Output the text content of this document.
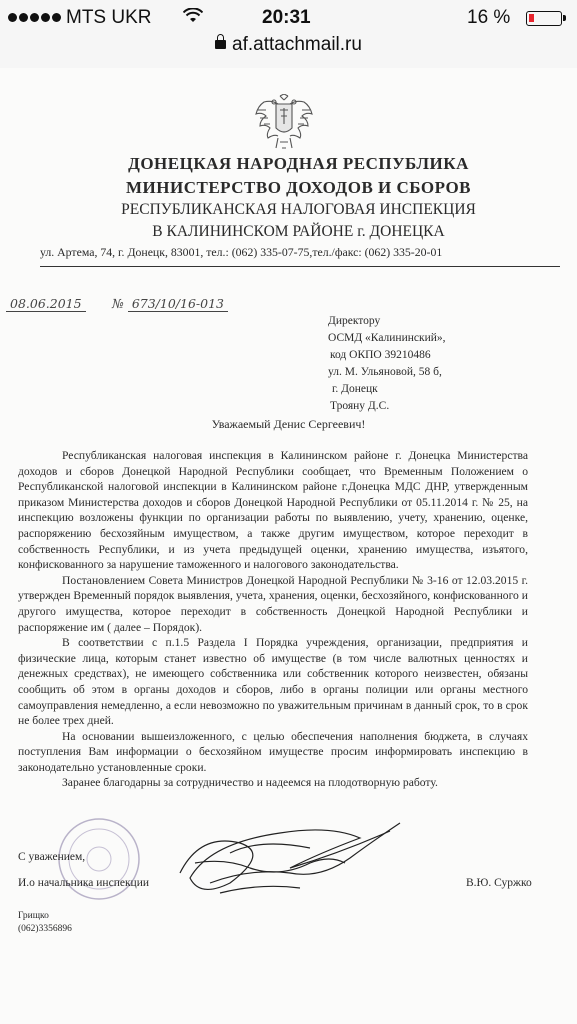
MTS UKR	20:31	16 %
af.attachmail.ru
ДОНЕЦКАЯ НАРОДНАЯ РЕСПУБЛИКА
МИНИСТЕРСТВО ДОХОДОВ И СБОРОВ
РЕСПУБЛИКАНСКАЯ НАЛОГОВАЯ ИНСПЕКЦИЯ
В КАЛИНИНСКОМ РАЙОНЕ г. ДОНЕЦКА
ул. Артема, 74, г. Донецк, 83001, тел.: (062) 335-07-75,тел./факс: (062) 335-20-01
08.06.2015	№ 673/10/16-013
Директору
ОСМД «Калининский»,
код ОКПО 39210486
ул. М. Ульяновой, 58 б,
г. Донецк
Трояну Д.С.
Уважаемый Денис Сергеевич!

Республиканская налоговая инспекция в Калининском районе г. Донецка Министерства доходов и сборов Донецкой Народной Республики сообщает, что Временным Положением о Республиканской налоговой инспекции в Калининском районе г.Донецка МДС ДНР, утвержденным приказом Министерства доходов и сборов Донецкой Народной Республики от 05.11.2014 г. № 25, на инспекцию возложены функции по организации работы по выявлению, учету, хранению, оценке, распоряжению бесхозяйным имуществом, а также другим имуществом, которое переходит в собственность Республики, и из учета предыдущей оценки, хранению имущества, изъятого, конфискованного за нарушение таможенного и налогового законодательства.

Постановлением Совета Министров Донецкой Народной Республики № 3-16 от 12.03.2015 г. утвержден Временный порядок выявления, учета, хранения, оценки, бесхозяйного, конфискованного и другого имущества, которое переходит в собственность Донецкой Народной Республики и распоряжение им ( далее – Порядок).

В соответствии с п.1.5 Раздела I Порядка учреждения, организации, предприятия и физические лица, которым станет известно об имуществе (в том числе валютных ценностях и денежных средствах), не имеющего собственника или собственник которого неизвестен, обязаны сообщить об этом в органы доходов и сборов, либо в органы полиции или органы местного самоуправления немедленно, а если невозможно по уважительным причинам в данный срок, то в срок не более трех дней.

На основании вышеизложенного, с целью обеспечения наполнения бюджета, в случаях поступления Вам информации о бесхозяйном имуществе просим информировать инспекцию в законодательно установленные сроки.

Заранее благодарны за сотрудничество и надеемся на плодотворную работу.

С уважением,
И.о начальника инспекции	В.Ю. Суржко
Грищко
(062)3356896
